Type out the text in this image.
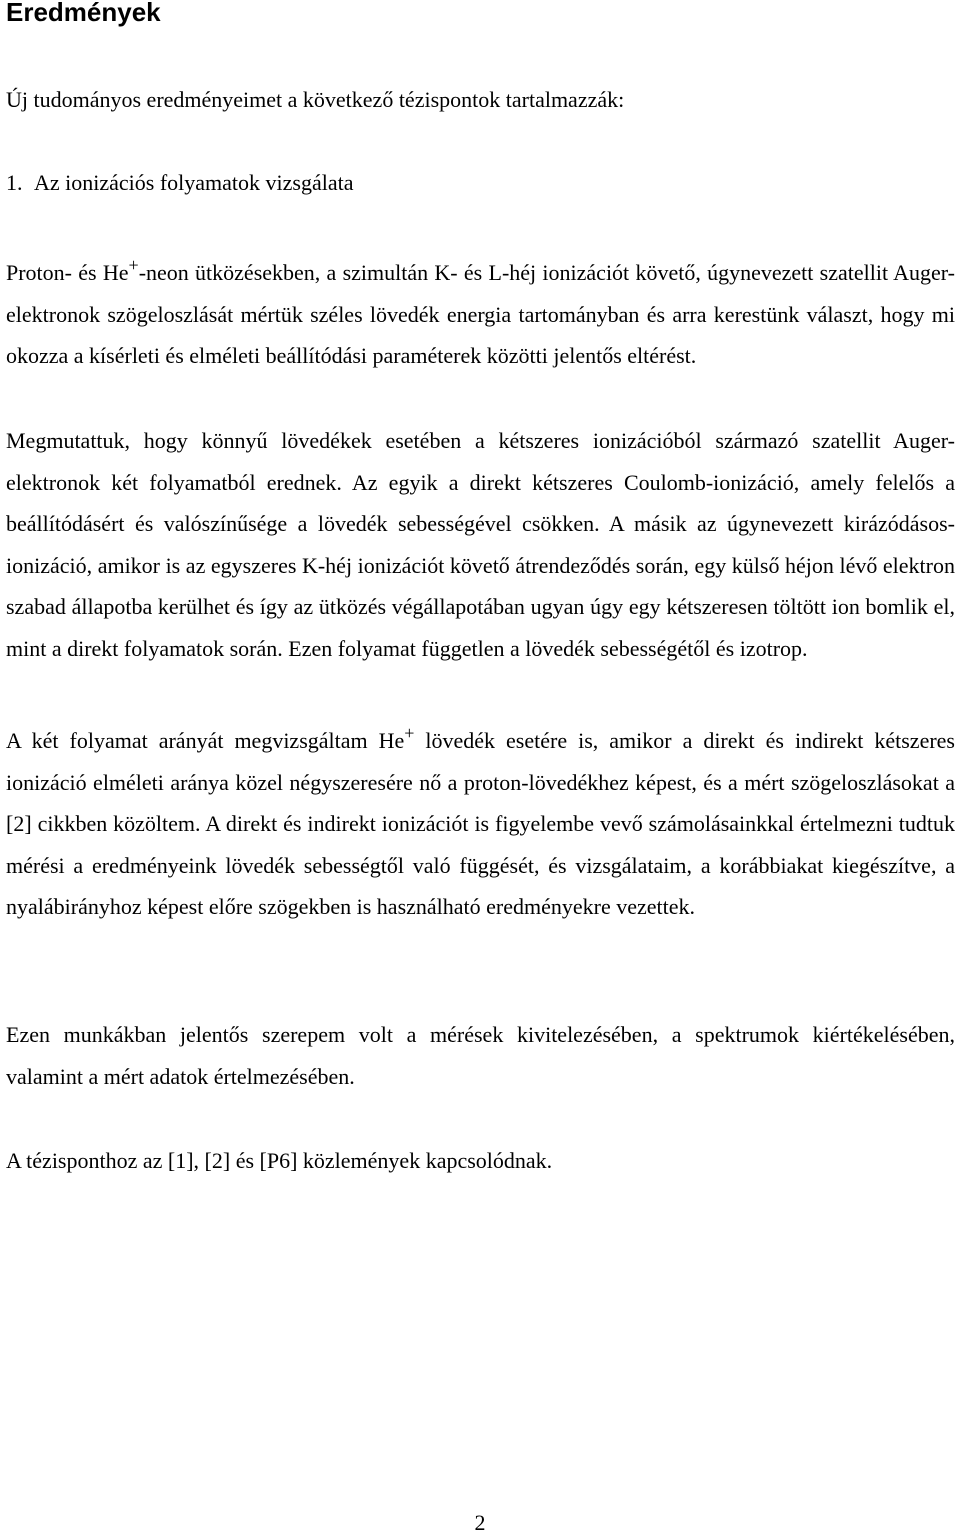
Eredmények

Új tudományos eredményeimet a következő tézispontok tartalmazzák:

1. Az ionizációs folyamatok vizsgálata

Proton- és He+-neon ütközésekben, a szimultán K- és L-héj ionizációt követő, úgynevezett szatellit Auger-elektronok szögeloszlását mértük széles lövedék energia tartományban és arra kerestünk választ, hogy mi okozza a kísérleti és elméleti beállítódási paraméterek közötti jelentős eltérést.

Megmutattuk, hogy könnyű lövedékek esetében a kétszeres ionizációból származó szatellit Auger-elektronok két folyamatból erednek. Az egyik a direkt kétszeres Coulomb-ionizáció, amely felelős a beállítódásért és valószínűsége a lövedék sebességével csökken. A másik az úgynevezett kirázódásos-ionizáció, amikor is az egyszeres K-héj ionizációt követő átrendeződés során, egy külső héjon lévő elektron szabad állapotba kerülhet és így az ütközés végállapotában ugyan úgy egy kétszeresen töltött ion bomlik el, mint a direkt folyamatok során. Ezen folyamat független a lövedék sebességétől és izotrop.

A két folyamat arányát megvizsgáltam He+ lövedék esetére is, amikor a direkt és indirekt kétszeres ionizáció elméleti aránya közel négyszeresére nő a proton-lövedékhez képest, és a mért szögeloszlásokat a [2] cikkben közöltem. A direkt és indirekt ionizációt is figyelembe vevő számolásainkkal értelmezni tudtuk mérési a eredményeink lövedék sebességtől való függését, és vizsgálataim, a korábbiakat kiegészítve, a nyalábirányhoz képest előre szögekben is használható eredményekre vezettek.

Ezen munkákban jelentős szerepem volt a mérések kivitelezésében, a spektrumok kiértékelésében, valamint a mért adatok értelmezésében.

A tézisponthoz az [1], [2] és [P6] közlemények kapcsolódnak.

2
